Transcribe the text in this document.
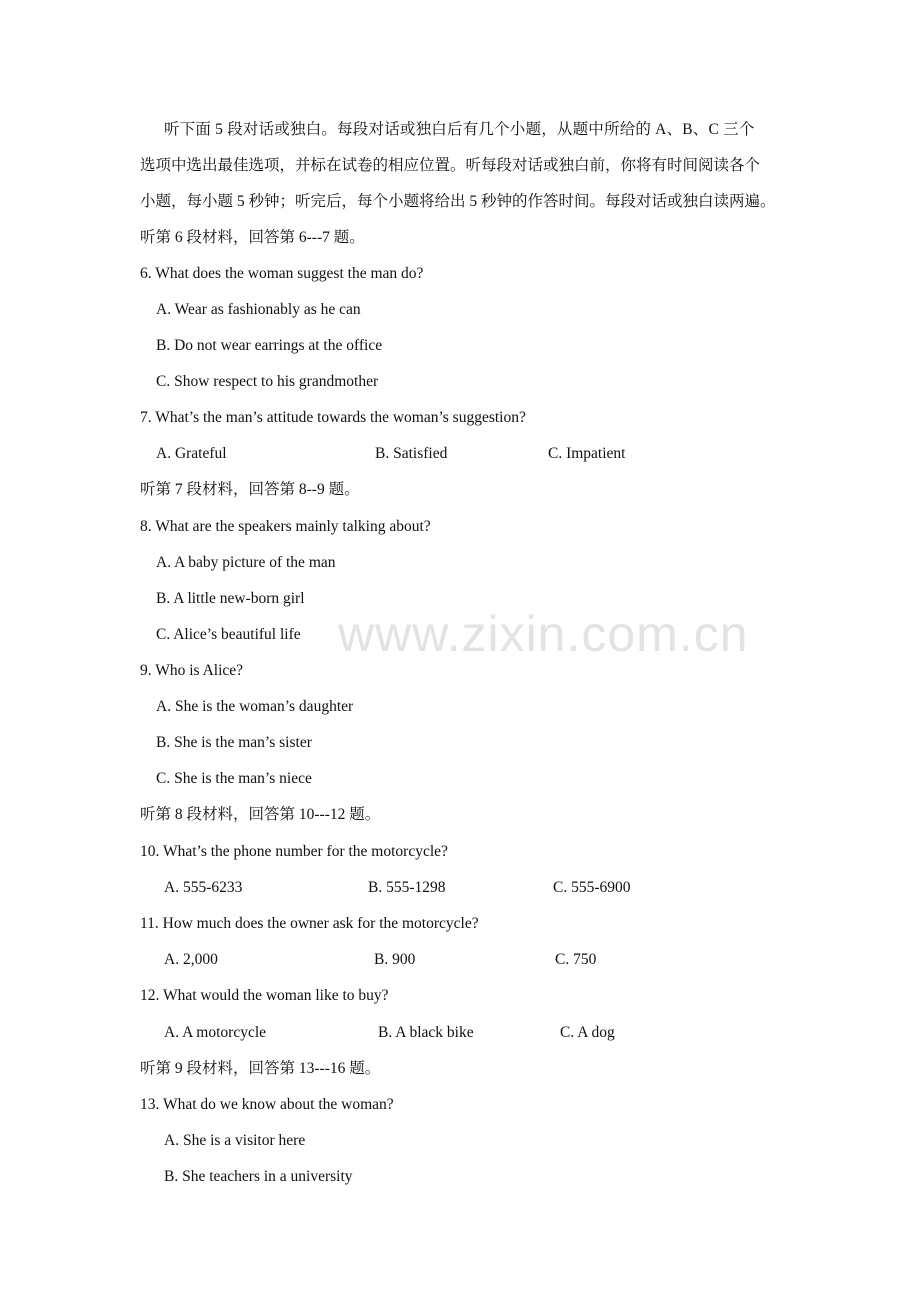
听下面 5 段对话或独白。每段对话或独白后有几个小题，从题中所给的 A、B、C 三个
选项中选出最佳选项，并标在试卷的相应位置。听每段对话或独白前，你将有时间阅读各个
小题，每小题 5 秒钟；听完后，每个小题将给出 5 秒钟的作答时间。每段对话或独白读两遍。
听第 6 段材料，回答第 6---7 题。
6. What does the woman suggest the man do?
A. Wear as fashionably as he can
B. Do not wear earrings at the office
C. Show respect to his grandmother
7. What’s the man’s attitude towards the woman’s suggestion?
A. Grateful	B. Satisfied	C. Impatient
听第 7 段材料，回答第 8--9 题。
8. What are the speakers mainly talking about?
A. A baby picture of the man
B. A little new-born girl
C. Alice’s beautiful life
9. Who is Alice?
A. She is the woman’s daughter
B. She is the man’s sister
C. She is the man’s niece
听第 8 段材料，回答第 10---12 题。
10. What’s the phone number for the motorcycle?
A. 555-6233	B. 555-1298	C. 555-6900
11. How much does the owner ask for the motorcycle?
A. 2,000	B. 900	C. 750
12. What would the woman like to buy?
A. A motorcycle	B. A black bike	C. A dog
听第 9 段材料，回答第 13---16 题。
13. What do we know about the woman?
A. She is a visitor here
B. She teachers in a university
www.zixin.com.cn
